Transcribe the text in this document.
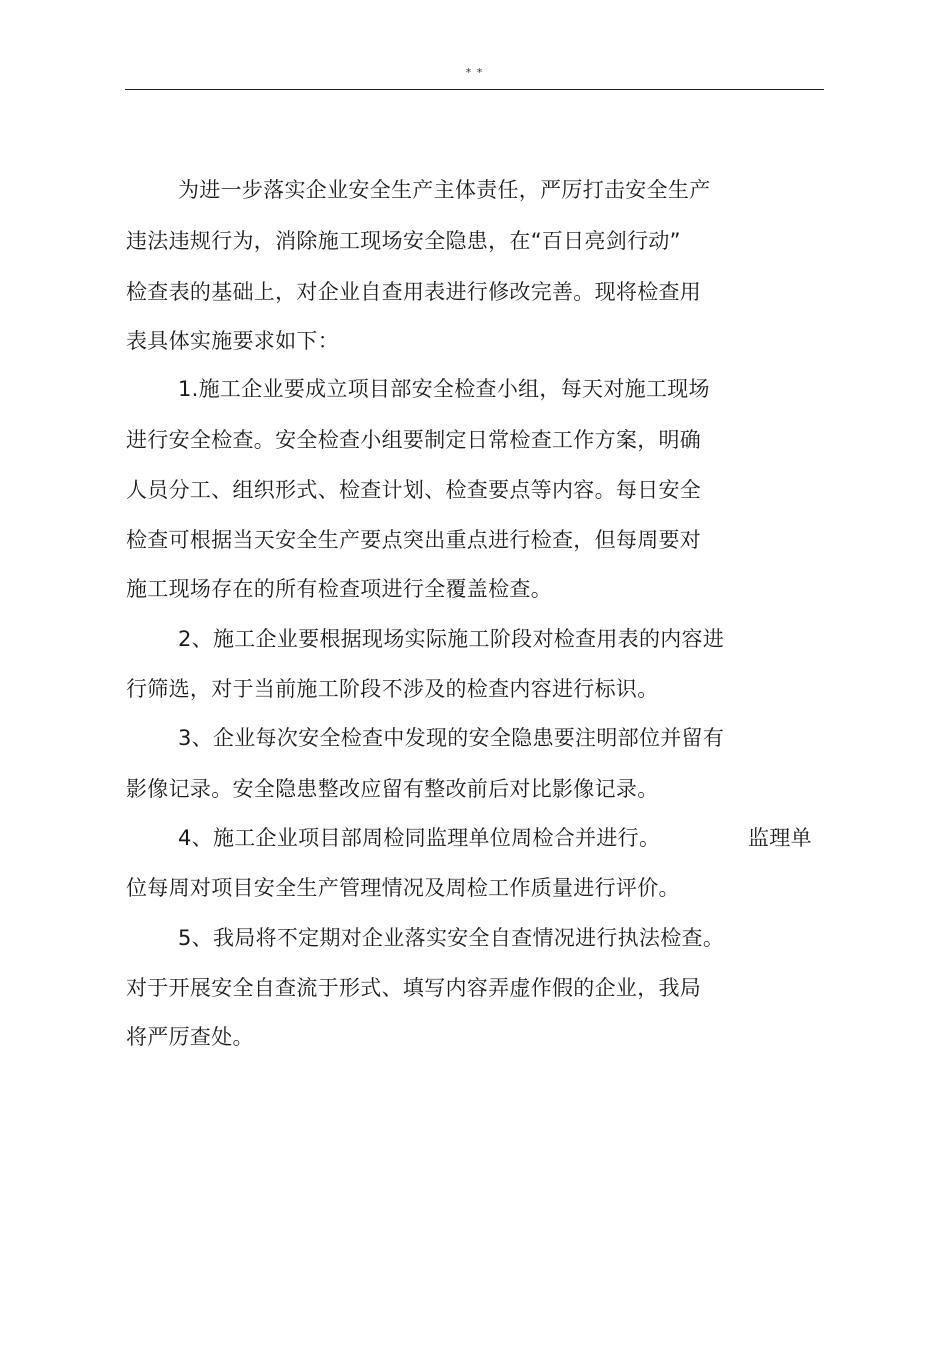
* *
为进一步落实企业安全生产主体责任，严厉打击安全生产
违法违规行为，消除施工现场安全隐患，在“百日亮剑行动”
检查表的基础上，对企业自查用表进行修改完善。现将检查用
表具体实施要求如下：
1.施工企业要成立项目部安全检查小组，每天对施工现场
进行安全检查。安全检查小组要制定日常检查工作方案，明确
人员分工、组织形式、检查计划、检查要点等内容。每日安全
检查可根据当天安全生产要点突出重点进行检查，但每周要对
施工现场存在的所有检查项进行全覆盖检查。
2、施工企业要根据现场实际施工阶段对检查用表的内容进
行筛选，对于当前施工阶段不涉及的检查内容进行标识。
3、企业每次安全检查中发现的安全隐患要注明部位并留有
影像记录。安全隐患整改应留有整改前后对比影像记录。
4、施工企业项目部周检同监理单位周检合并进行。	监理单
位每周对项目安全生产管理情况及周检工作质量进行评价。
5、我局将不定期对企业落实安全自查情况进行执法检查。
对于开展安全自查流于形式、填写内容弄虚作假的企业，我局
将严厉查处。
